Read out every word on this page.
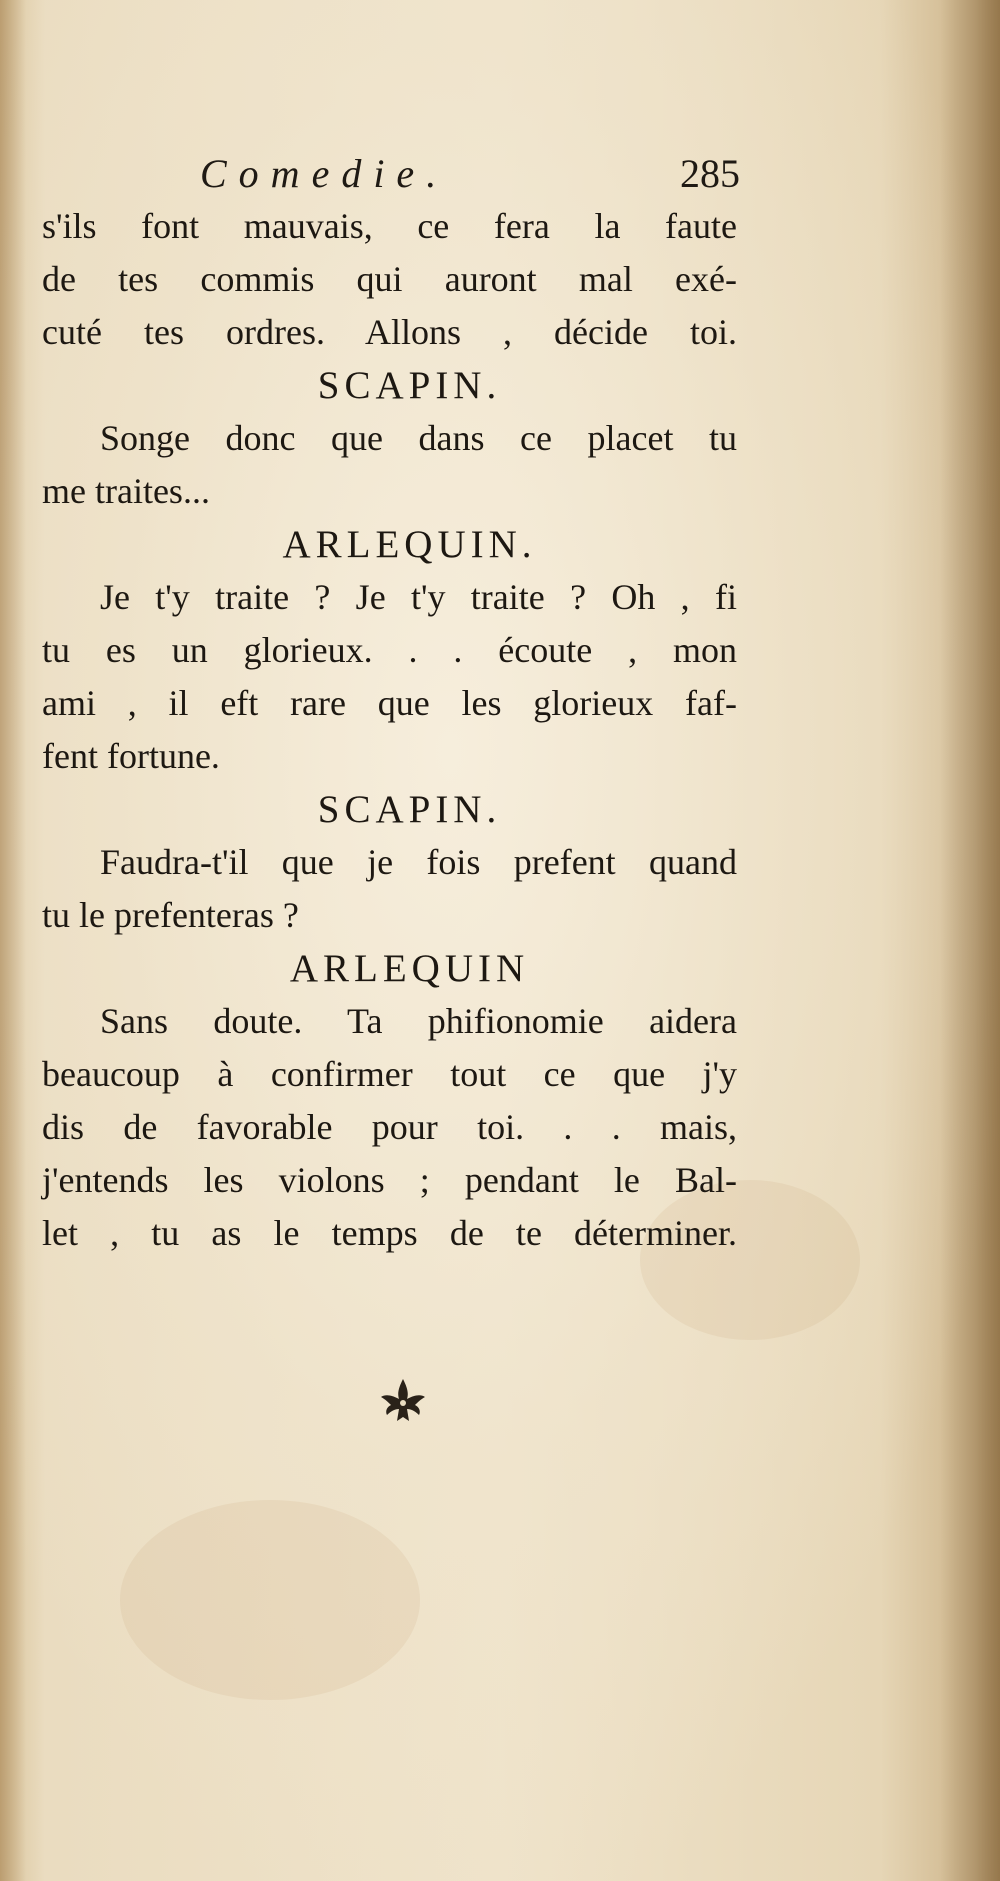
Comedie.	285
s'ils font mauvais, ce fera la faute
de tes commis qui auront mal exé-
cuté tes ordres. Allons , décide toi.
SCAPIN.
Songe donc que dans ce placet tu
me traites...
ARLEQUIN.
Je t'y traite ? Je t'y traite ? Oh , fi
tu es un glorieux. . . écoute , mon
ami , il eft rare que les glorieux faf-
fent fortune.
SCAPIN.
Faudra-t'il que je fois prefent quand
tu le prefenteras ?
ARLEQUIN
Sans doute. Ta phifionomie aidera
beaucoup à confirmer tout ce que j'y
dis de favorable pour toi. . . mais,
j'entends les violons ; pendant le Bal-
let , tu as le temps de te déterminer.
